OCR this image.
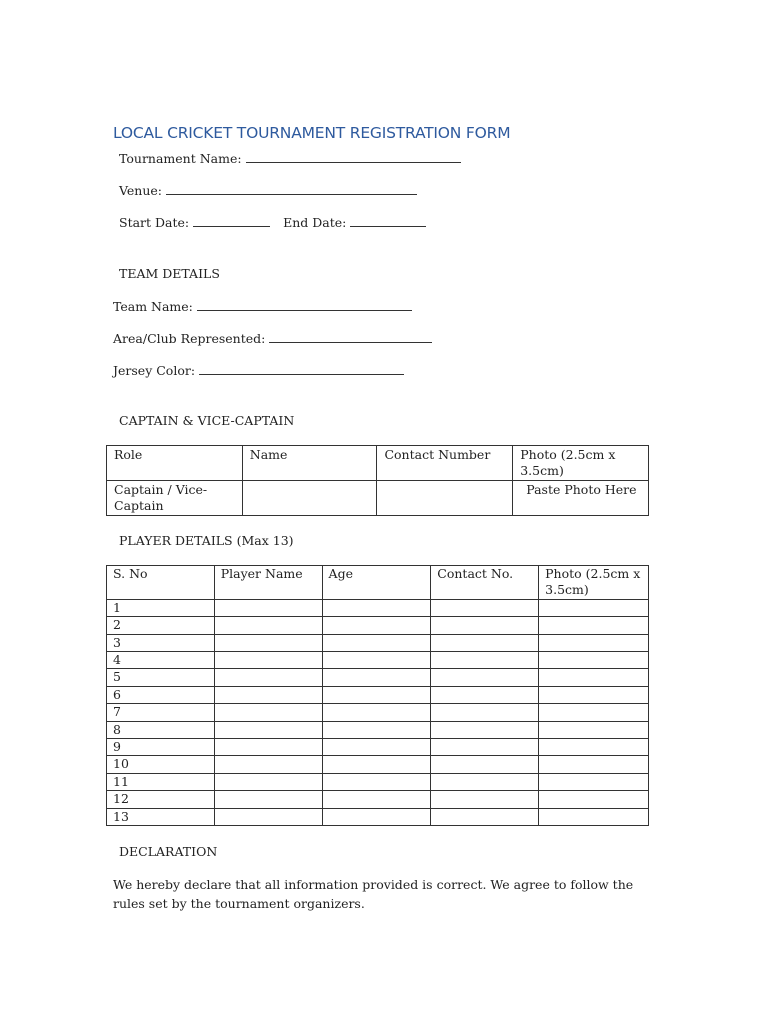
LOCAL CRICKET TOURNAMENT REGISTRATION FORM
Tournament Name:
Venue:
Start Date:	End Date:
TEAM DETAILS
Team Name:
Area/Club Represented:
Jersey Color:
CAPTAIN & VICE-CAPTAIN
Role	Name	Contact Number	Photo (2.5cm x 3.5cm)
Captain / Vice-Captain			Paste Photo Here
PLAYER DETAILS (Max 13)
S. No	Player Name	Age	Contact No.	Photo (2.5cm x 3.5cm)
1				
2				
3				
4				
5				
6				
7				
8				
9				
10				
11				
12				
13				
DECLARATION
We hereby declare that all information provided is correct. We agree to follow the rules set by the tournament organizers.
